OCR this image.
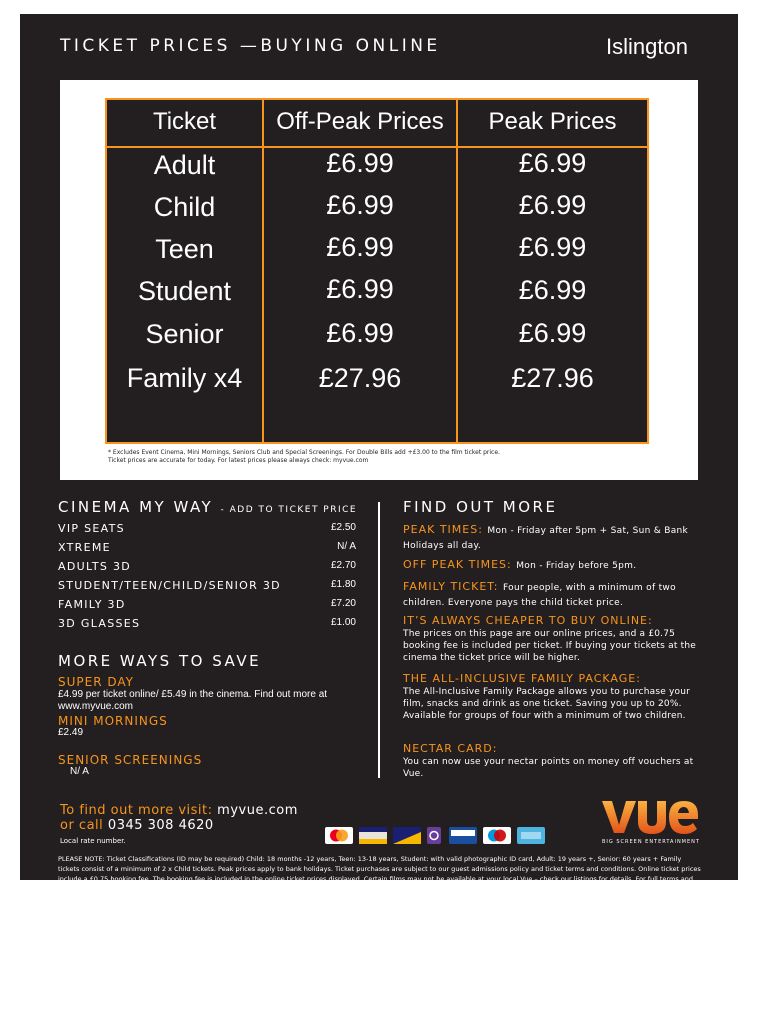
TICKET PRICES —BUYING ONLINE	Islington
Ticket	Off-Peak Prices	Peak Prices
Adult	£6.99	£6.99
Child	£6.99	£6.99
Teen	£6.99	£6.99
Student	£6.99	£6.99
Senior	£6.99	£6.99
Family x4	£27.96	£27.96
* Excludes Event Cinema, Mini Mornings, Seniors Club and Special Screenings. For Double Bills add +£3.00 to the film ticket price.
Ticket prices are accurate for today. For latest prices please always check: myvue.com
CINEMA MY WAY - ADD TO TICKET PRICE
VIP SEATS	£2.50
XTREME	N/ A
ADULTS 3D	£2.70
STUDENT/TEEN/CHILD/SENIOR 3D	£1.80
FAMILY 3D	£7.20
3D GLASSES	£1.00
MORE WAYS TO SAVE
SUPER DAY
£4.99 per ticket online/ £5.49 in the cinema. Find out more at www.myvue.com
MINI MORNINGS
£2.49
SENIOR SCREENINGS
N/ A
FIND OUT MORE
PEAK TIMES: Mon - Friday after 5pm + Sat, Sun & Bank Holidays all day.
OFF PEAK TIMES: Mon - Friday before 5pm.
FAMILY TICKET: Four people, with a minimum of two children. Everyone pays the child ticket price.
IT’S ALWAYS CHEAPER TO BUY ONLINE:
The prices on this page are our online prices, and a £0.75 booking fee is included per ticket. If buying your tickets at the cinema the ticket price will be higher.
THE ALL-INCLUSIVE FAMILY PACKAGE:
The All-Inclusive Family Package allows you to purchase your film, snacks and drink as one ticket. Saving you up to 20%. Available for groups of four with a minimum of two children.
NECTAR CARD:
You can now use your nectar points on money off vouchers at Vue.
To find out more visit: myvue.com
or call 0345 308 4620
Local rate number.	BIG SCREEN ENTERTAINMENT
PLEASE NOTE: Ticket Classifications (ID may be required) Child: 18 months -12 years, Teen: 13-18 years, Student: with valid photographic ID card, Adult: 19 years +, Senior: 60 years + Family tickets consist of a minimum of 2 x Child tickets. Peak prices apply to bank holidays. Ticket purchases are subject to our guest admissions policy and ticket terms and conditions. Online ticket prices include a £0.75 booking fee. The booking fee is included in the online ticket prices displayed. Certain films may not be available at your local Vue – check our listings for details. For full terms and conditions go to myvue.com/legal or ask a member of staff for details.
